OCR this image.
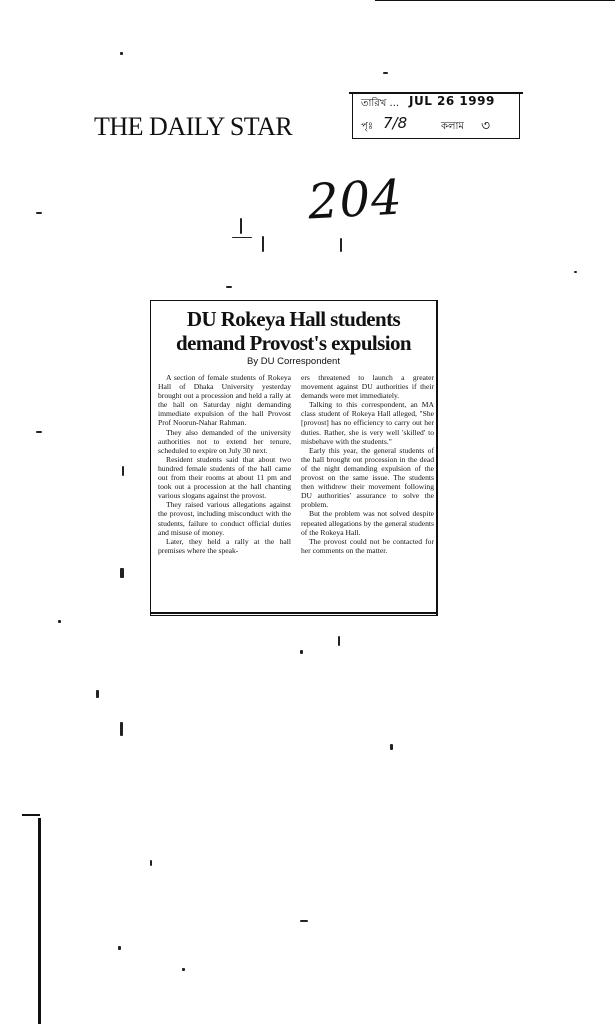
THE DAILY STAR
তারিখ ... JUL 26 1999
পৃঃ 7/8	কলাম ৩
204
DU Rokeya Hall students
demand Provost's expulsion
By DU Correspondent

A section of female students of Rokeya Hall of Dhaka University yesterday brought out a procession and held a rally at the hall on Saturday night demanding immediate expulsion of the hall Provost Prof Noorun-Nahar Rahman.

They also demanded of the university authorities not to extend her tenure, scheduled to expire on July 30 next.

Resident students said that about two hundred female students of the hall came out from their rooms at about 11 pm and took out a procession at the hall chanting various slogans against the provost.

They raised various allegations against the provost, including misconduct with the students, failure to conduct official duties and misuse of money.

Later, they held a rally at the hall premises where the speak-

ers threatened to launch a greater movement against DU authorities if their demands were met immediately.

Talking to this correspondent, an MA class student of Rokeya Hall alleged, "She [provost] has no efficiency to carry out her duties. Rather, she is very well 'skilled' to misbehave with the students."

Early this year, the general students of the hall brought out procession in the dead of the night demanding expulsion of the provost on the same issue. The students then withdrew their movement following DU authorities' assurance to solve the problem.

But the problem was not solved despite repeated allegations by the general students of the Rokeya Hall.

The provost could not be contacted for her comments on the matter.
